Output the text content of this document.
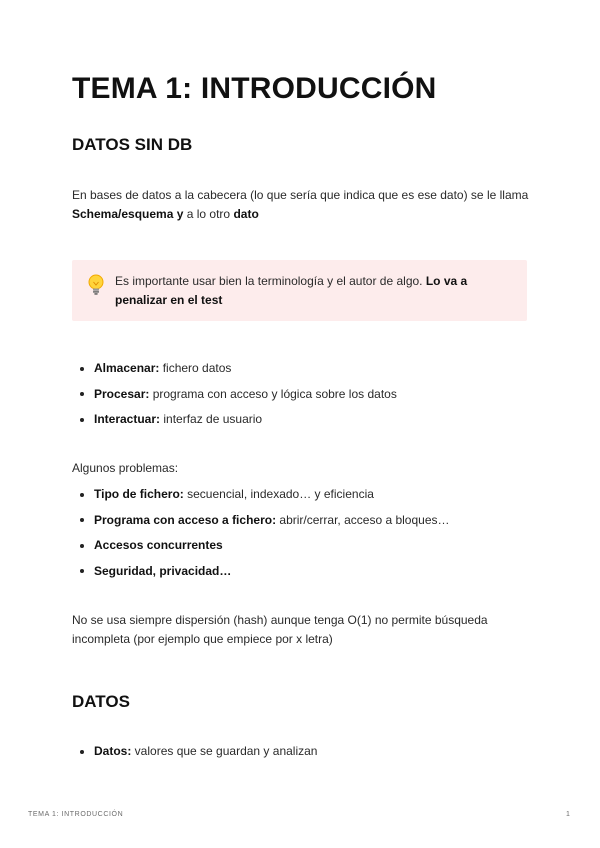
TEMA 1: INTRODUCCIÓN
DATOS SIN DB

En bases de datos a la cabecera (lo que sería que indica que es ese dato) se le llama Schema/esquema y a lo otro dato

Es importante usar bien la terminología y el autor de algo. Lo va a penalizar en el test

Almacenar: fichero datos
Procesar: programa con acceso y lógica sobre los datos
Interactuar: interfaz de usuario

Algunos problemas:

Tipo de fichero: secuencial, indexado… y eficiencia
Programa con acceso a fichero: abrir/cerrar, acceso a bloques…
Accesos concurrentes
Seguridad, privacidad…

No se usa siempre dispersión (hash) aunque tenga O(1) no permite búsqueda incompleta (por ejemplo que empiece por x letra)

DATOS
Datos: valores que se guardan y analizan
TEMA 1: INTRODUCCIÓN	1
